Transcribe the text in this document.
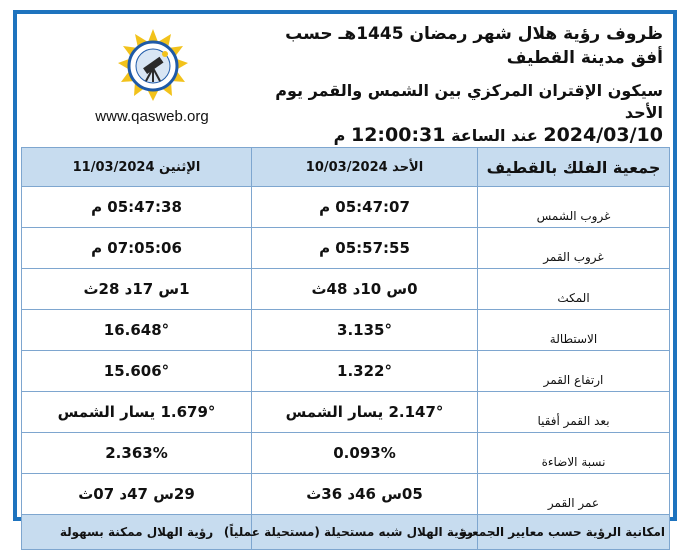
www.qasweb.org
ظروف رؤية هلال شهر رمضان 1445هـ حسب أفق مدينة القطيف
سيكون الإقتران المركزي بين الشمس والقمر يوم الأحد
2024/03/10 عند الساعة 12:00:31 م
الإثنين 11/03/2024	الأحد 10/03/2024	جمعية الفلك بالقطيف
05:47:38 م	05:47:07 م	غروب الشمس
07:05:06 م	05:57:55 م	غروب القمر
1س 17د 28ث	0س 10د 48ث	المكث
16.648°	3.135°	الاستطالة
15.606°	1.322°	ارتفاع القمر
1.679° يسار الشمس	2.147° يسار الشمس	بعد القمر أفقيا
2.363%	0.093%	نسبة الاضاءة
29س 47د 07ث	05س 46د 36ث	عمر القمر
رؤية الهلال ممكنة بسهولة	رؤية الهلال شبه مستحيلة (مستحيلة عملياً)	امكانية الرؤية حسب معايير الجمعية
